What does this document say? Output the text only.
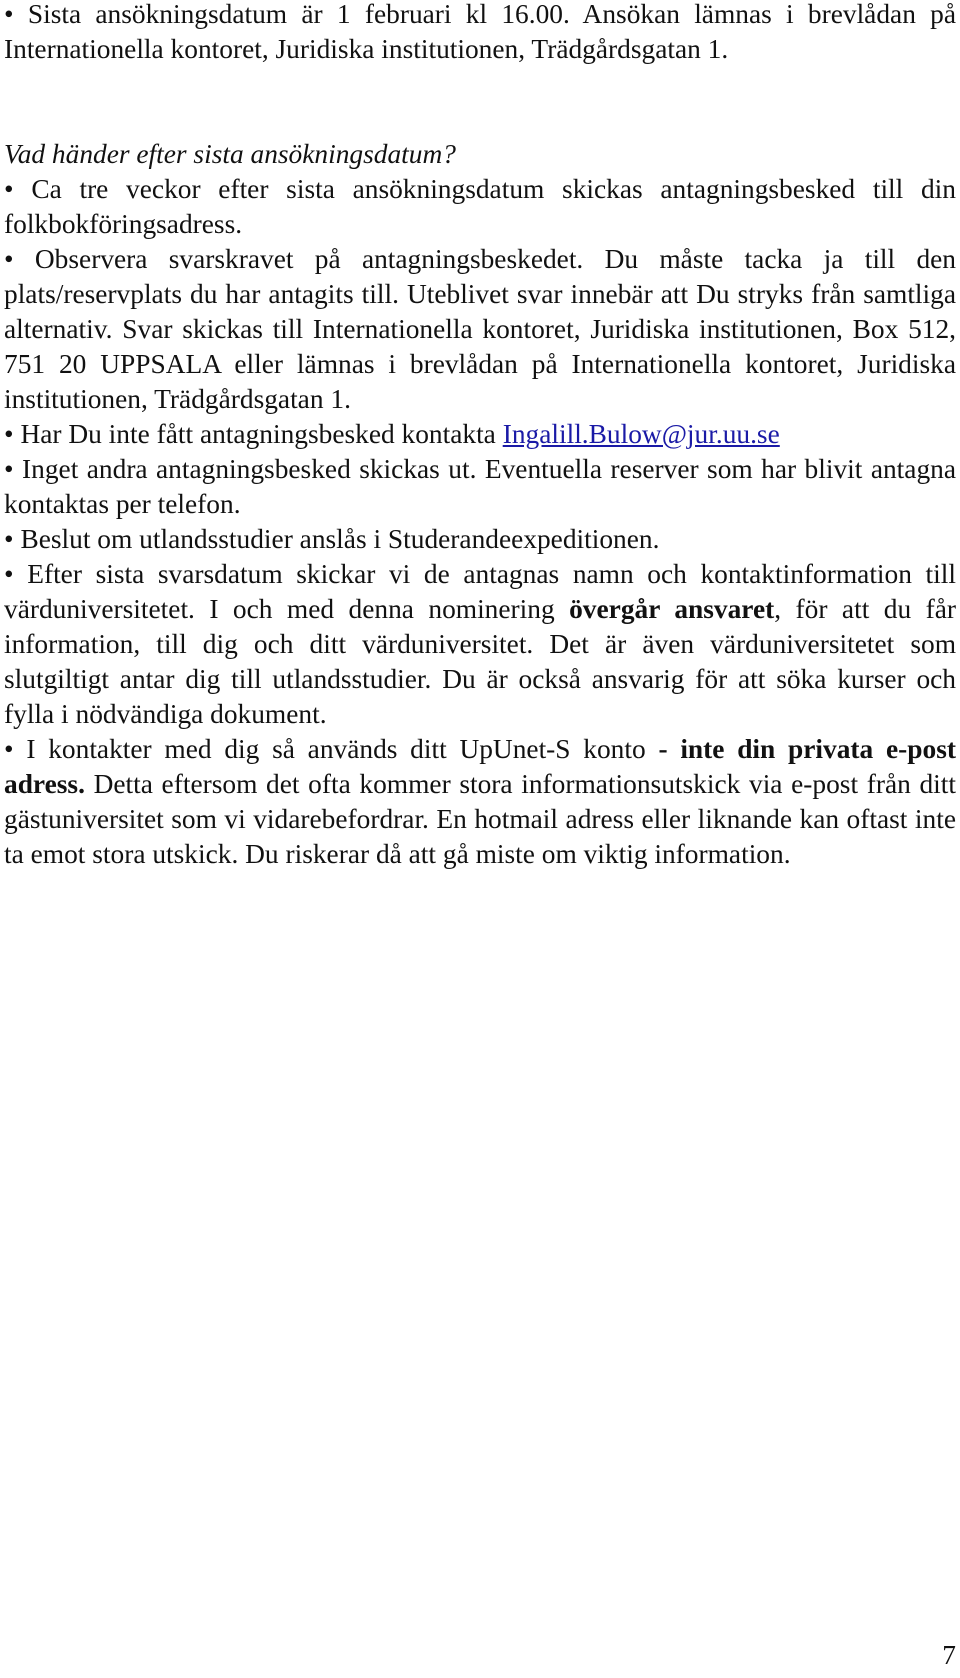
• Sista ansökningsdatum är 1 februari kl 16.00. Ansökan lämnas i brevlådan på Internationella kontoret, Juridiska institutionen, Trädgårdsgatan 1.

Vad händer efter sista ansökningsdatum?

• Ca tre veckor efter sista ansökningsdatum skickas antagningsbesked till din folkbokföringsadress.

• Observera svarskravet på antagningsbeskedet. Du måste tacka ja till den plats/reservplats du har antagits till. Uteblivet svar innebär att Du stryks från samtliga alternativ. Svar skickas till Internationella kontoret, Juridiska institutionen, Box 512, 751 20 UPPSALA eller lämnas i brevlådan på Internationella kontoret, Juridiska institutionen, Trädgårdsgatan 1.

• Har Du inte fått antagningsbesked kontakta Ingalill.Bulow@jur.uu.se

• Inget andra antagningsbesked skickas ut. Eventuella reserver som har blivit antagna kontaktas per telefon.

• Beslut om utlandsstudier anslås i Studerandeexpeditionen.

• Efter sista svarsdatum skickar vi de antagnas namn och kontaktinformation till värduniversitetet. I och med denna nominering övergår ansvaret, för att du får information, till dig och ditt värduniversitet. Det är även värduniversitetet som slutgiltigt antar dig till utlandsstudier. Du är också ansvarig för att söka kurser och fylla i nödvändiga dokument.

• I kontakter med dig så används ditt UpUnet-S konto - inte din privata e-post adress. Detta eftersom det ofta kommer stora informationsutskick via e-post från ditt gästuniversitet som vi vidarebefordrar. En hotmail adress eller liknande kan oftast inte ta emot stora utskick. Du riskerar då att gå miste om viktig information.

7
